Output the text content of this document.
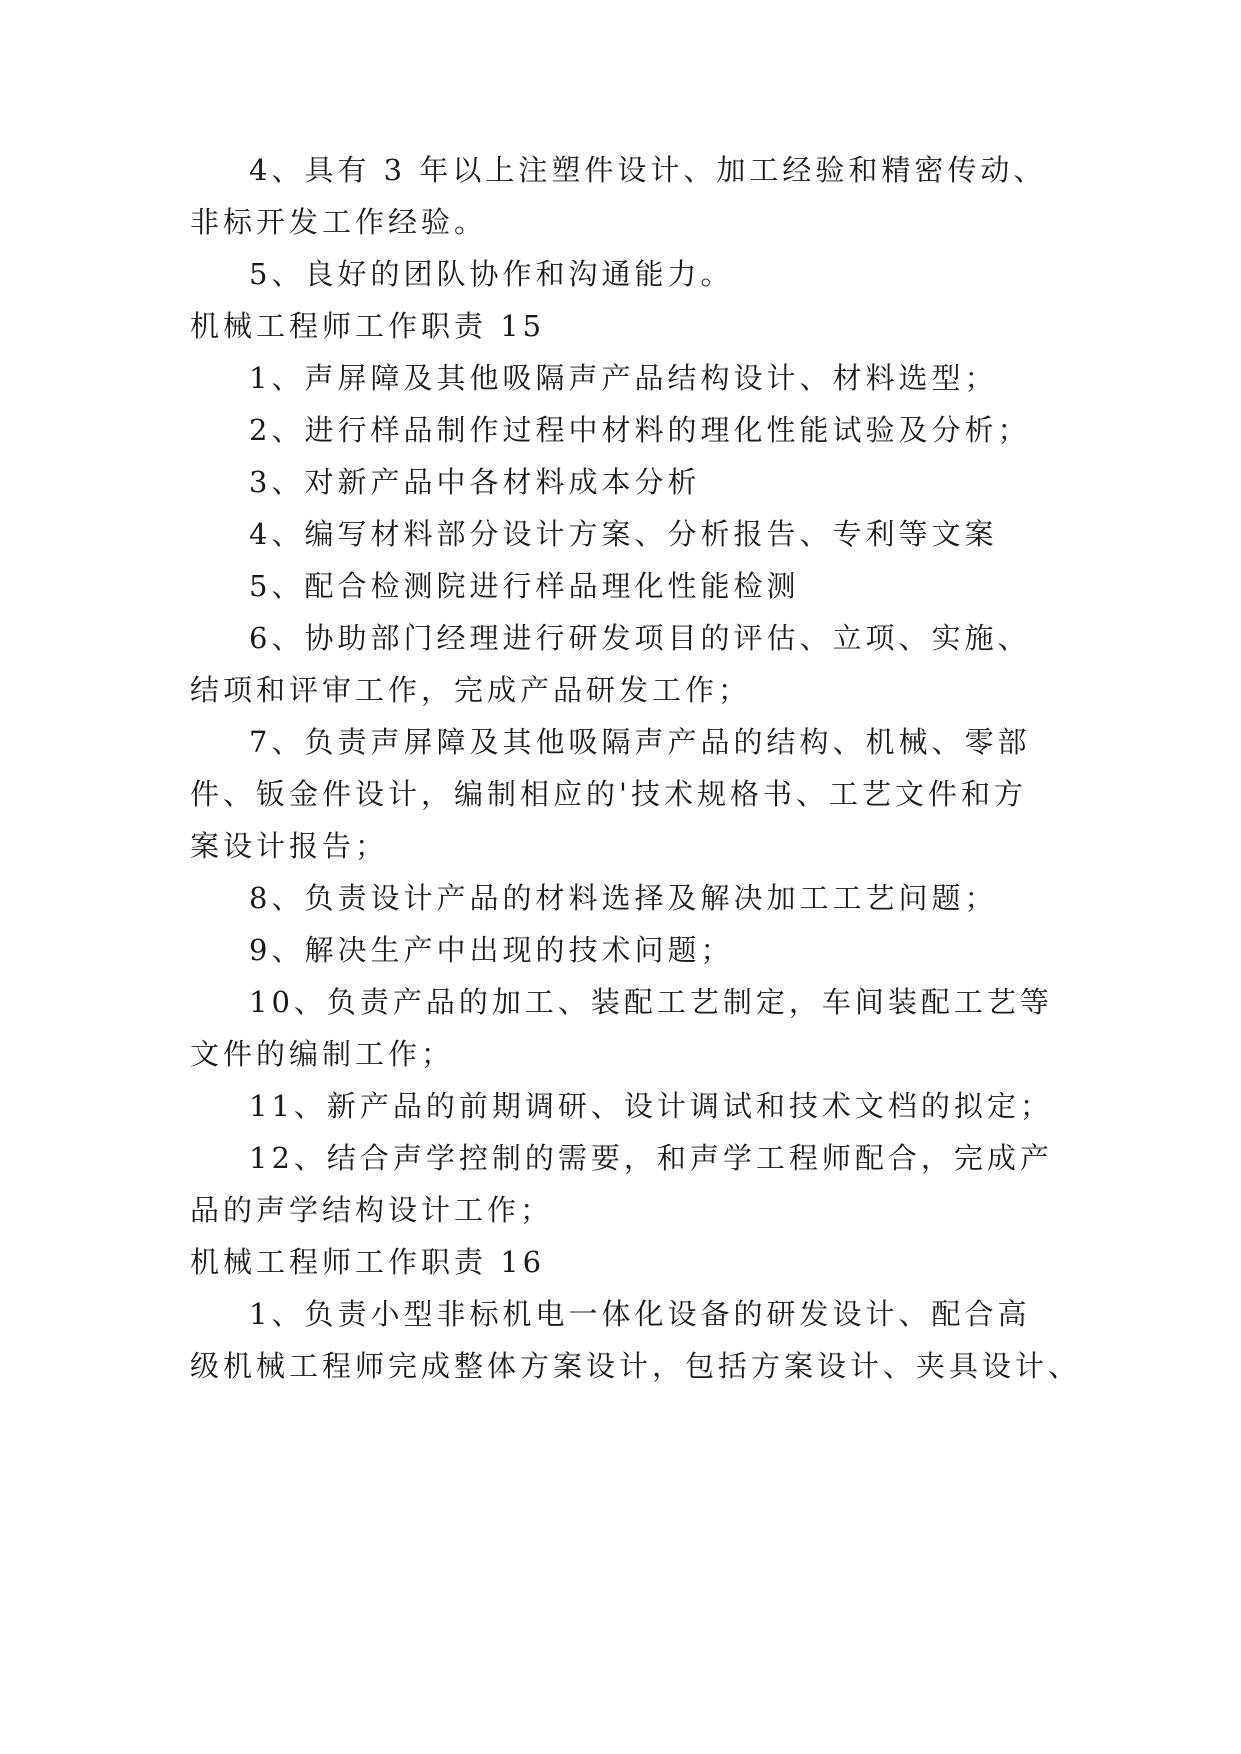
4、具有 3 年以上注塑件设计、加工经验和精密传动、
非标开发工作经验。
5、良好的团队协作和沟通能力。
机械工程师工作职责 15
1、声屏障及其他吸隔声产品结构设计、材料选型；
2、进行样品制作过程中材料的理化性能试验及分析；
3、对新产品中各材料成本分析
4、编写材料部分设计方案、分析报告、专利等文案
5、配合检测院进行样品理化性能检测
6、协助部门经理进行研发项目的评估、立项、实施、
结项和评审工作，完成产品研发工作；
7、负责声屏障及其他吸隔声产品的结构、机械、零部
件、钣金件设计，编制相应的'技术规格书、工艺文件和方
案设计报告；
8、负责设计产品的材料选择及解决加工工艺问题；
9、解决生产中出现的技术问题；
10、负责产品的加工、装配工艺制定，车间装配工艺等
文件的编制工作；
11、新产品的前期调研、设计调试和技术文档的拟定；
12、结合声学控制的需要，和声学工程师配合，完成产
品的声学结构设计工作；
机械工程师工作职责 16
1、负责小型非标机电一体化设备的研发设计、配合高
级机械工程师完成整体方案设计，包括方案设计、夹具设计、
